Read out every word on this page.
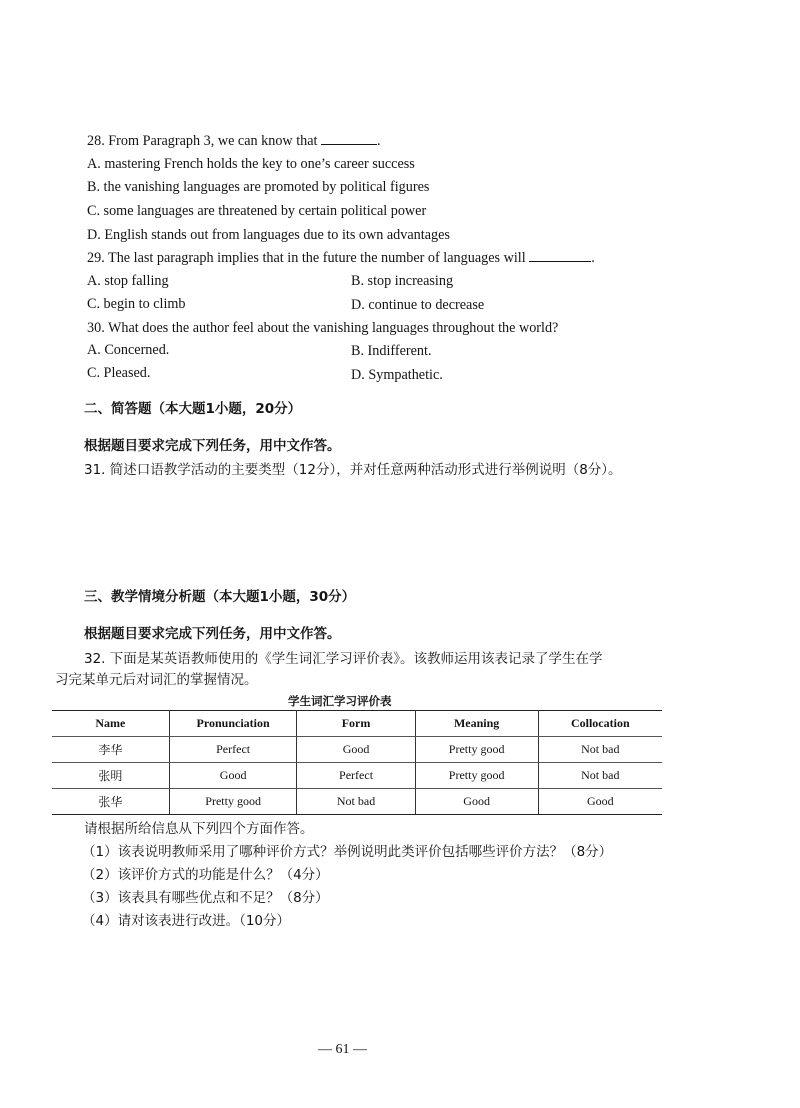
28. From Paragraph 3, we can know that	.
A. mastering French holds the key to one’s career success
B. the vanishing languages are promoted by political figures
C. some languages are threatened by certain political power
D. English stands out from languages due to its own advantages
29. The last paragraph implies that in the future the number of languages will	.
A. stop falling	B. stop increasing
C. begin to climb	D. continue to decrease
30. What does the author feel about the vanishing languages throughout the world?
A. Concerned.	B. Indifferent.
C. Pleased.	D. Sympathetic.
二、简答题（本大题1小题，20分）
根据题目要求完成下列任务，用中文作答。
31. 简述口语教学活动的主要类型（12分），并对任意两种活动形式进行举例说明（8分）。
三、教学情境分析题（本大题1小题，30分）
根据题目要求完成下列任务，用中文作答。
32. 下面是某英语教师使用的《学生词汇学习评价表》。该教师运用该表记录了学生在学
习完某单元后对词汇的掌握情况。
学生词汇学习评价表
Name	Pronunciation	Form	Meaning	Collocation
李华	Perfect	Good	Pretty good	Not bad
张明	Good	Perfect	Pretty good	Not bad
张华	Pretty good	Not bad	Good	Good
请根据所给信息从下列四个方面作答。
（1）该表说明教师采用了哪种评价方式？举例说明此类评价包括哪些评价方法？（8分）
（2）该评价方式的功能是什么？（4分）
（3）该表具有哪些优点和不足？（8分）
（4）请对该表进行改进。（10分）
— 61 —
